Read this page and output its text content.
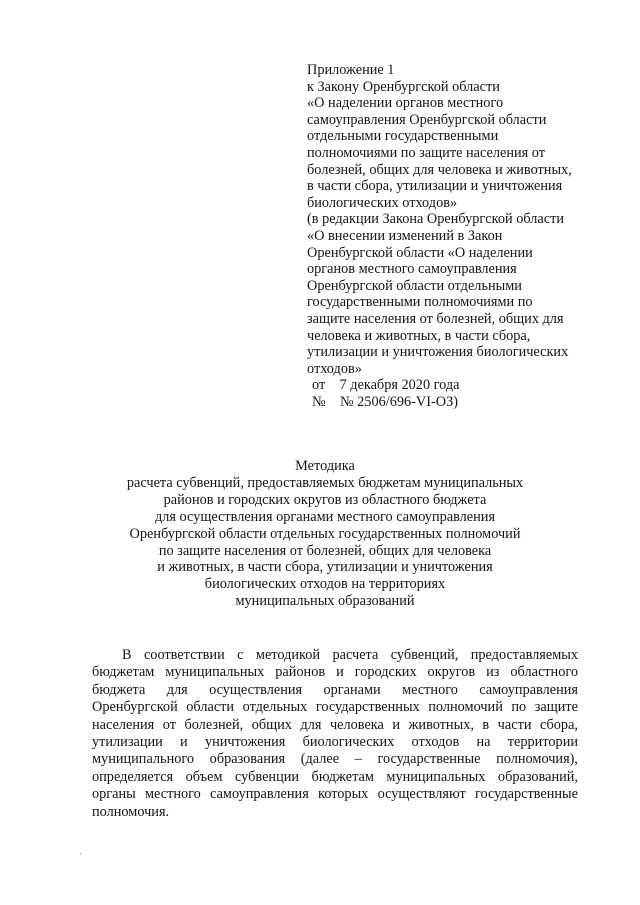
Приложение 1
к Закону Оренбургской области
«О наделении органов местного
самоуправления Оренбургской области
отдельными государственными
полномочиями по защите населения от
болезней, общих для человека и животных,
в части сбора, утилизации и уничтожения
биологических отходов»
(в редакции Закона Оренбургской области
«О внесении изменений в Закон
Оренбургской области «О наделении
органов местного самоуправления
Оренбургской области отдельными
государственными полномочиями по
защите населения от болезней, общих для
человека и животных, в части сбора,
утилизации и уничтожения биологических
отходов»
от    7 декабря 2020 года
№    № 2506/696-VI-ОЗ)
Методика
расчета субвенций, предоставляемых бюджетам муниципальных
районов и городских округов из областного бюджета
для осуществления органами местного самоуправления
Оренбургской области отдельных государственных полномочий
по защите населения от болезней, общих для человека
и животных, в части сбора, утилизации и уничтожения
биологических отходов на территориях
муниципальных образований
В соответствии с методикой расчета субвенций, предоставляемых
бюджетам муниципальных районов и городских округов из областного
бюджета для осуществления органами местного самоуправления
Оренбургской области отдельных государственных полномочий по защите
населения от болезней, общих для человека и животных, в части сбора,
утилизации и уничтожения биологических отходов на территории
муниципального образования (далее – государственные полномочия),
определяется объем субвенции бюджетам муниципальных образований,
органы местного самоуправления которых осуществляют государственные
полномочия.
